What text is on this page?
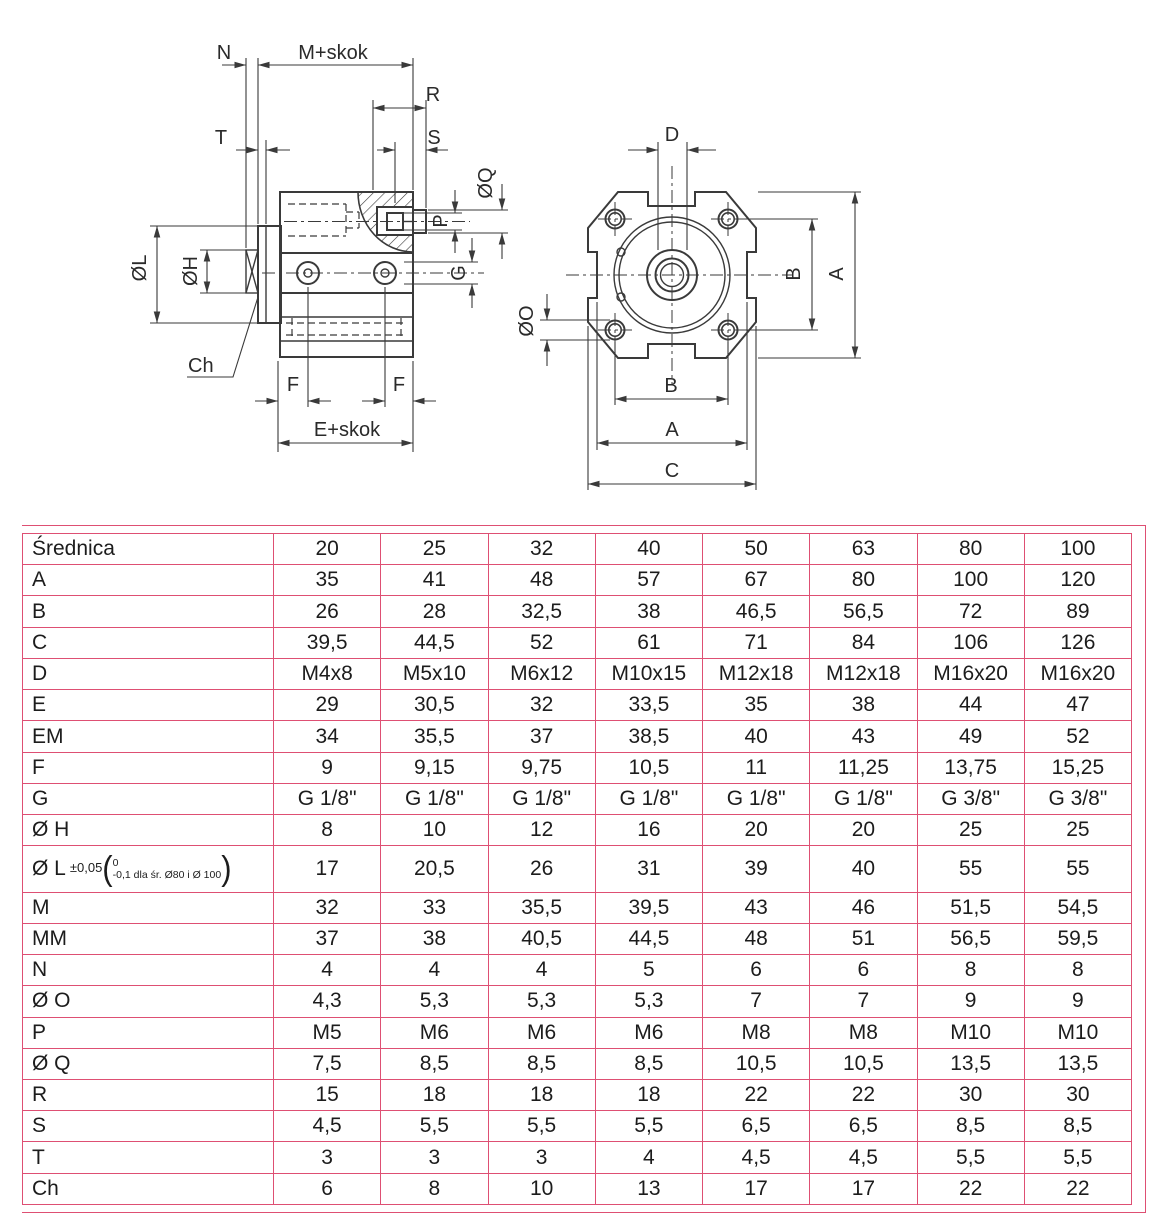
N	M+skok
R
S
T
ØQ
P
G
ØL ØH
Ch
F	F
E+skok
D
B A
ØO
B
A
C
Średnica	20	25	32	40	50	63	80	100
A	35	41	48	57	67	80	100	120
B	26	28	32,5	38	46,5	56,5	72	89
C	39,5	44,5	52	61	71	84	106	126
D	M4x8	M5x10	M6x12	M10x15	M12x18	M12x18	M16x20	M16x20
E	29	30,5	32	33,5	35	38	44	47
EM	34	35,5	37	38,5	40	43	49	52
F	9	9,15	9,75	10,5	11	11,25	13,75	15,25
G	G 1/8"	G 1/8"	G 1/8"	G 1/8"	G 1/8"	G 1/8"	G 3/8"	G 3/8"
Ø H	8	10	12	16	20	20	25	25
Ø L ±0,05( 0
-0,1 dla śr. Ø80 i Ø 100 )	17	20,5	26	31	39	40	55	55
M	32	33	35,5	39,5	43	46	51,5	54,5
MM	37	38	40,5	44,5	48	51	56,5	59,5
N	4	4	4	5	6	6	8	8
Ø O	4,3	5,3	5,3	5,3	7	7	9	9
P	M5	M6	M6	M6	M8	M8	M10	M10
Ø Q	7,5	8,5	8,5	8,5	10,5	10,5	13,5	13,5
R	15	18	18	18	22	22	30	30
S	4,5	5,5	5,5	5,5	6,5	6,5	8,5	8,5
T	3	3	3	4	4,5	4,5	5,5	5,5
Ch	6	8	10	13	17	17	22	22
